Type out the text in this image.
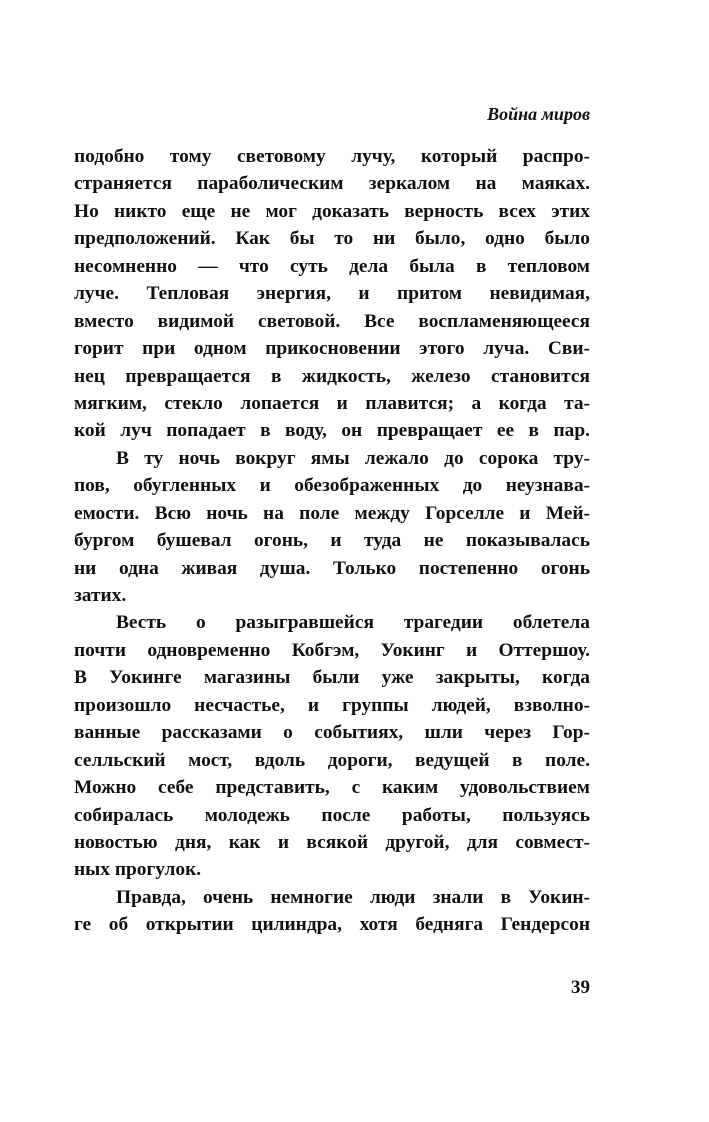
Война миров
подобно тому световому лучу, который распро-
страняется параболическим зеркалом на маяках.
Но никто еще не мог доказать верность всех этих
предположений. Как бы то ни было, одно было
несомненно — что суть дела была в тепловом
луче. Тепловая энергия, и притом невидимая,
вместо видимой световой. Все воспламеняющееся
горит при одном прикосновении этого луча. Сви-
нец превращается в жидкость, железо становится
мягким, стекло лопается и плавится; а когда та-
кой луч попадает в воду, он превращает ее в пар.
В ту ночь вокруг ямы лежало до сорока тру-
пов, обугленных и обезображенных до неузнава-
емости. Всю ночь на поле между Горселле и Мей-
бургом бушевал огонь, и туда не показывалась
ни одна живая душа. Только постепенно огонь
затих.
Весть о разыгравшейся трагедии облетела
почти одновременно Кобгэм, Уокинг и Оттершоу.
В Уокинге магазины были уже закрыты, когда
произошло несчастье, и группы людей, взволно-
ванные рассказами о событиях, шли через Гор-
селльский мост, вдоль дороги, ведущей в поле.
Можно себе представить, с каким удовольствием
собиралась молодежь после работы, пользуясь
новостью дня, как и всякой другой, для совмест-
ных прогулок.
Правда, очень немногие люди знали в Уокин-
ге об открытии цилиндра, хотя бедняга Гендерсон
39
